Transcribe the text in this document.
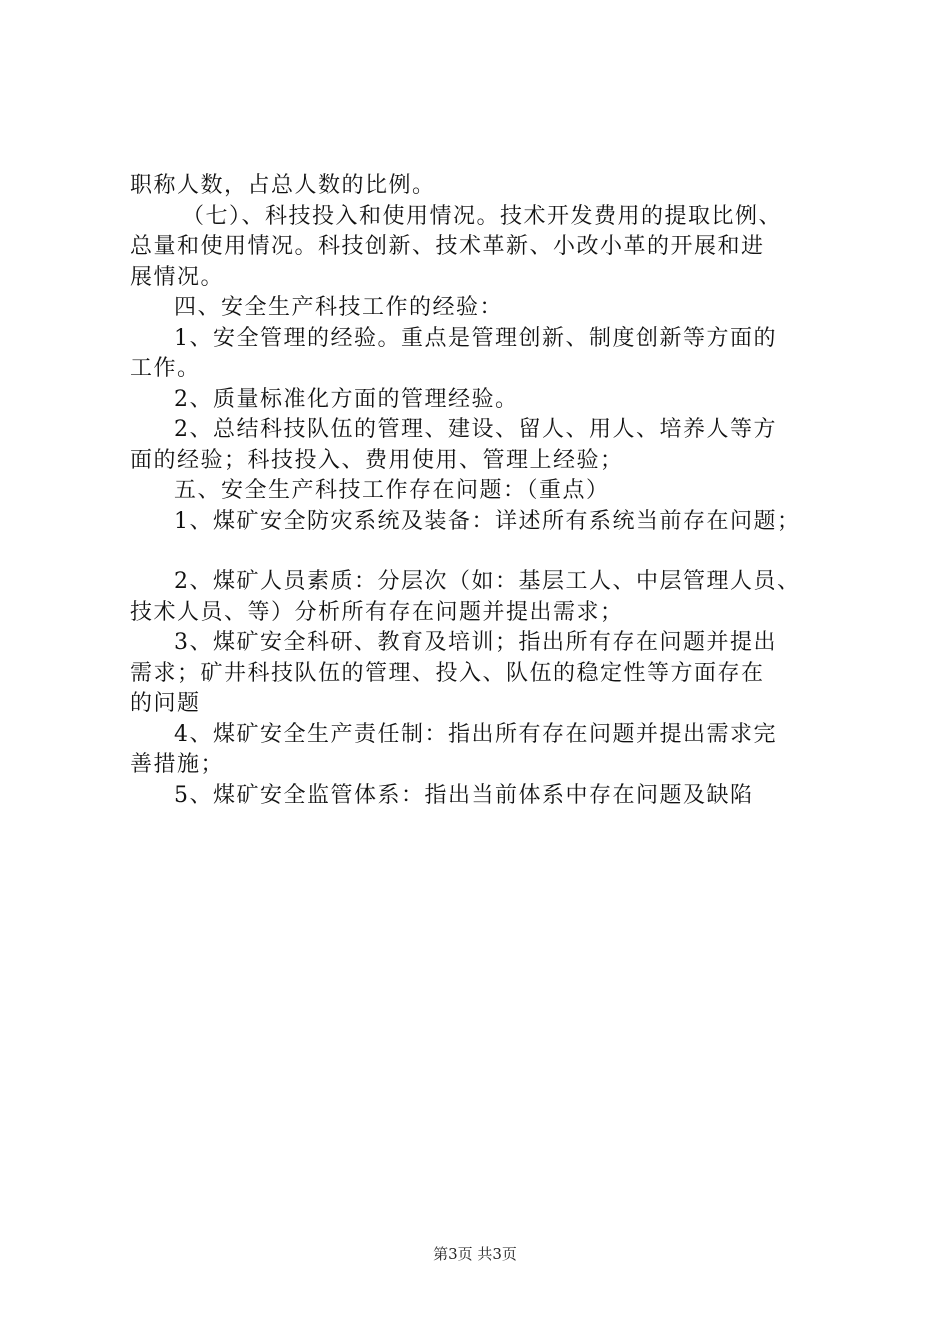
职称人数，占总人数的比例。
（七）、科技投入和使用情况。技术开发费用的提取比例、
总量和使用情况。科技创新、技术革新、小改小革的开展和进
展情况。
四、安全生产科技工作的经验：
1、安全管理的经验。重点是管理创新、制度创新等方面的
工作。
2、质量标准化方面的管理经验。
2、总结科技队伍的管理、建设、留人、用人、培养人等方
面的经验；科技投入、费用使用、管理上经验；
五、安全生产科技工作存在问题：（重点）
1、煤矿安全防灾系统及装备：详述所有系统当前存在问题；
2、煤矿人员素质：分层次（如：基层工人、中层管理人员、
技术人员、等）分析所有存在问题并提出需求；
3、煤矿安全科研、教育及培训；指出所有存在问题并提出
需求；矿井科技队伍的管理、投入、队伍的稳定性等方面存在
的问题
4、煤矿安全生产责任制：指出所有存在问题并提出需求完
善措施；
5、煤矿安全监管体系：指出当前体系中存在问题及缺陷
第3页 共3页
